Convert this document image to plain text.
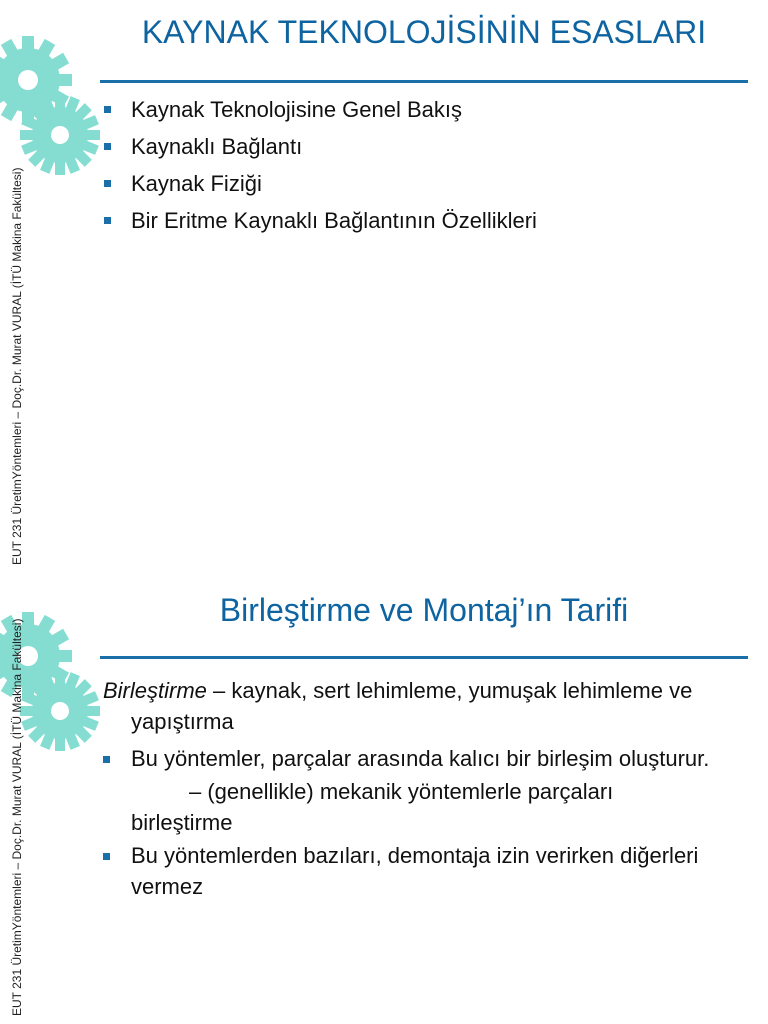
EUT 231 ÜretimYöntemleri – Doç.Dr. Murat VURAL (İTÜ Makina Fakültesi)
KAYNAK TEKNOLOJİSİNİN ESASLARI
Kaynak Teknolojisine Genel Bakış
Kaynaklı Bağlantı
Kaynak Fiziği
Bir Eritme Kaynaklı Bağlantının Özellikleri
EUT 231 ÜretimYöntemleri – Doç.Dr. Murat VURAL (İTÜ Makina Fakültesi)
Birleştirme ve Montaj’ın Tarifi

Birleştirme – kaynak, sert lehimleme, yumuşak lehimleme ve yapıştırma

Bu yöntemler, parçalar arasında kalıcı bir birleşim oluşturur.

– (genellikle) mekanik yöntemlerle parçaları
birleştirme

Bu yöntemlerden bazıları, demontaja izin verirken diğerleri vermez
